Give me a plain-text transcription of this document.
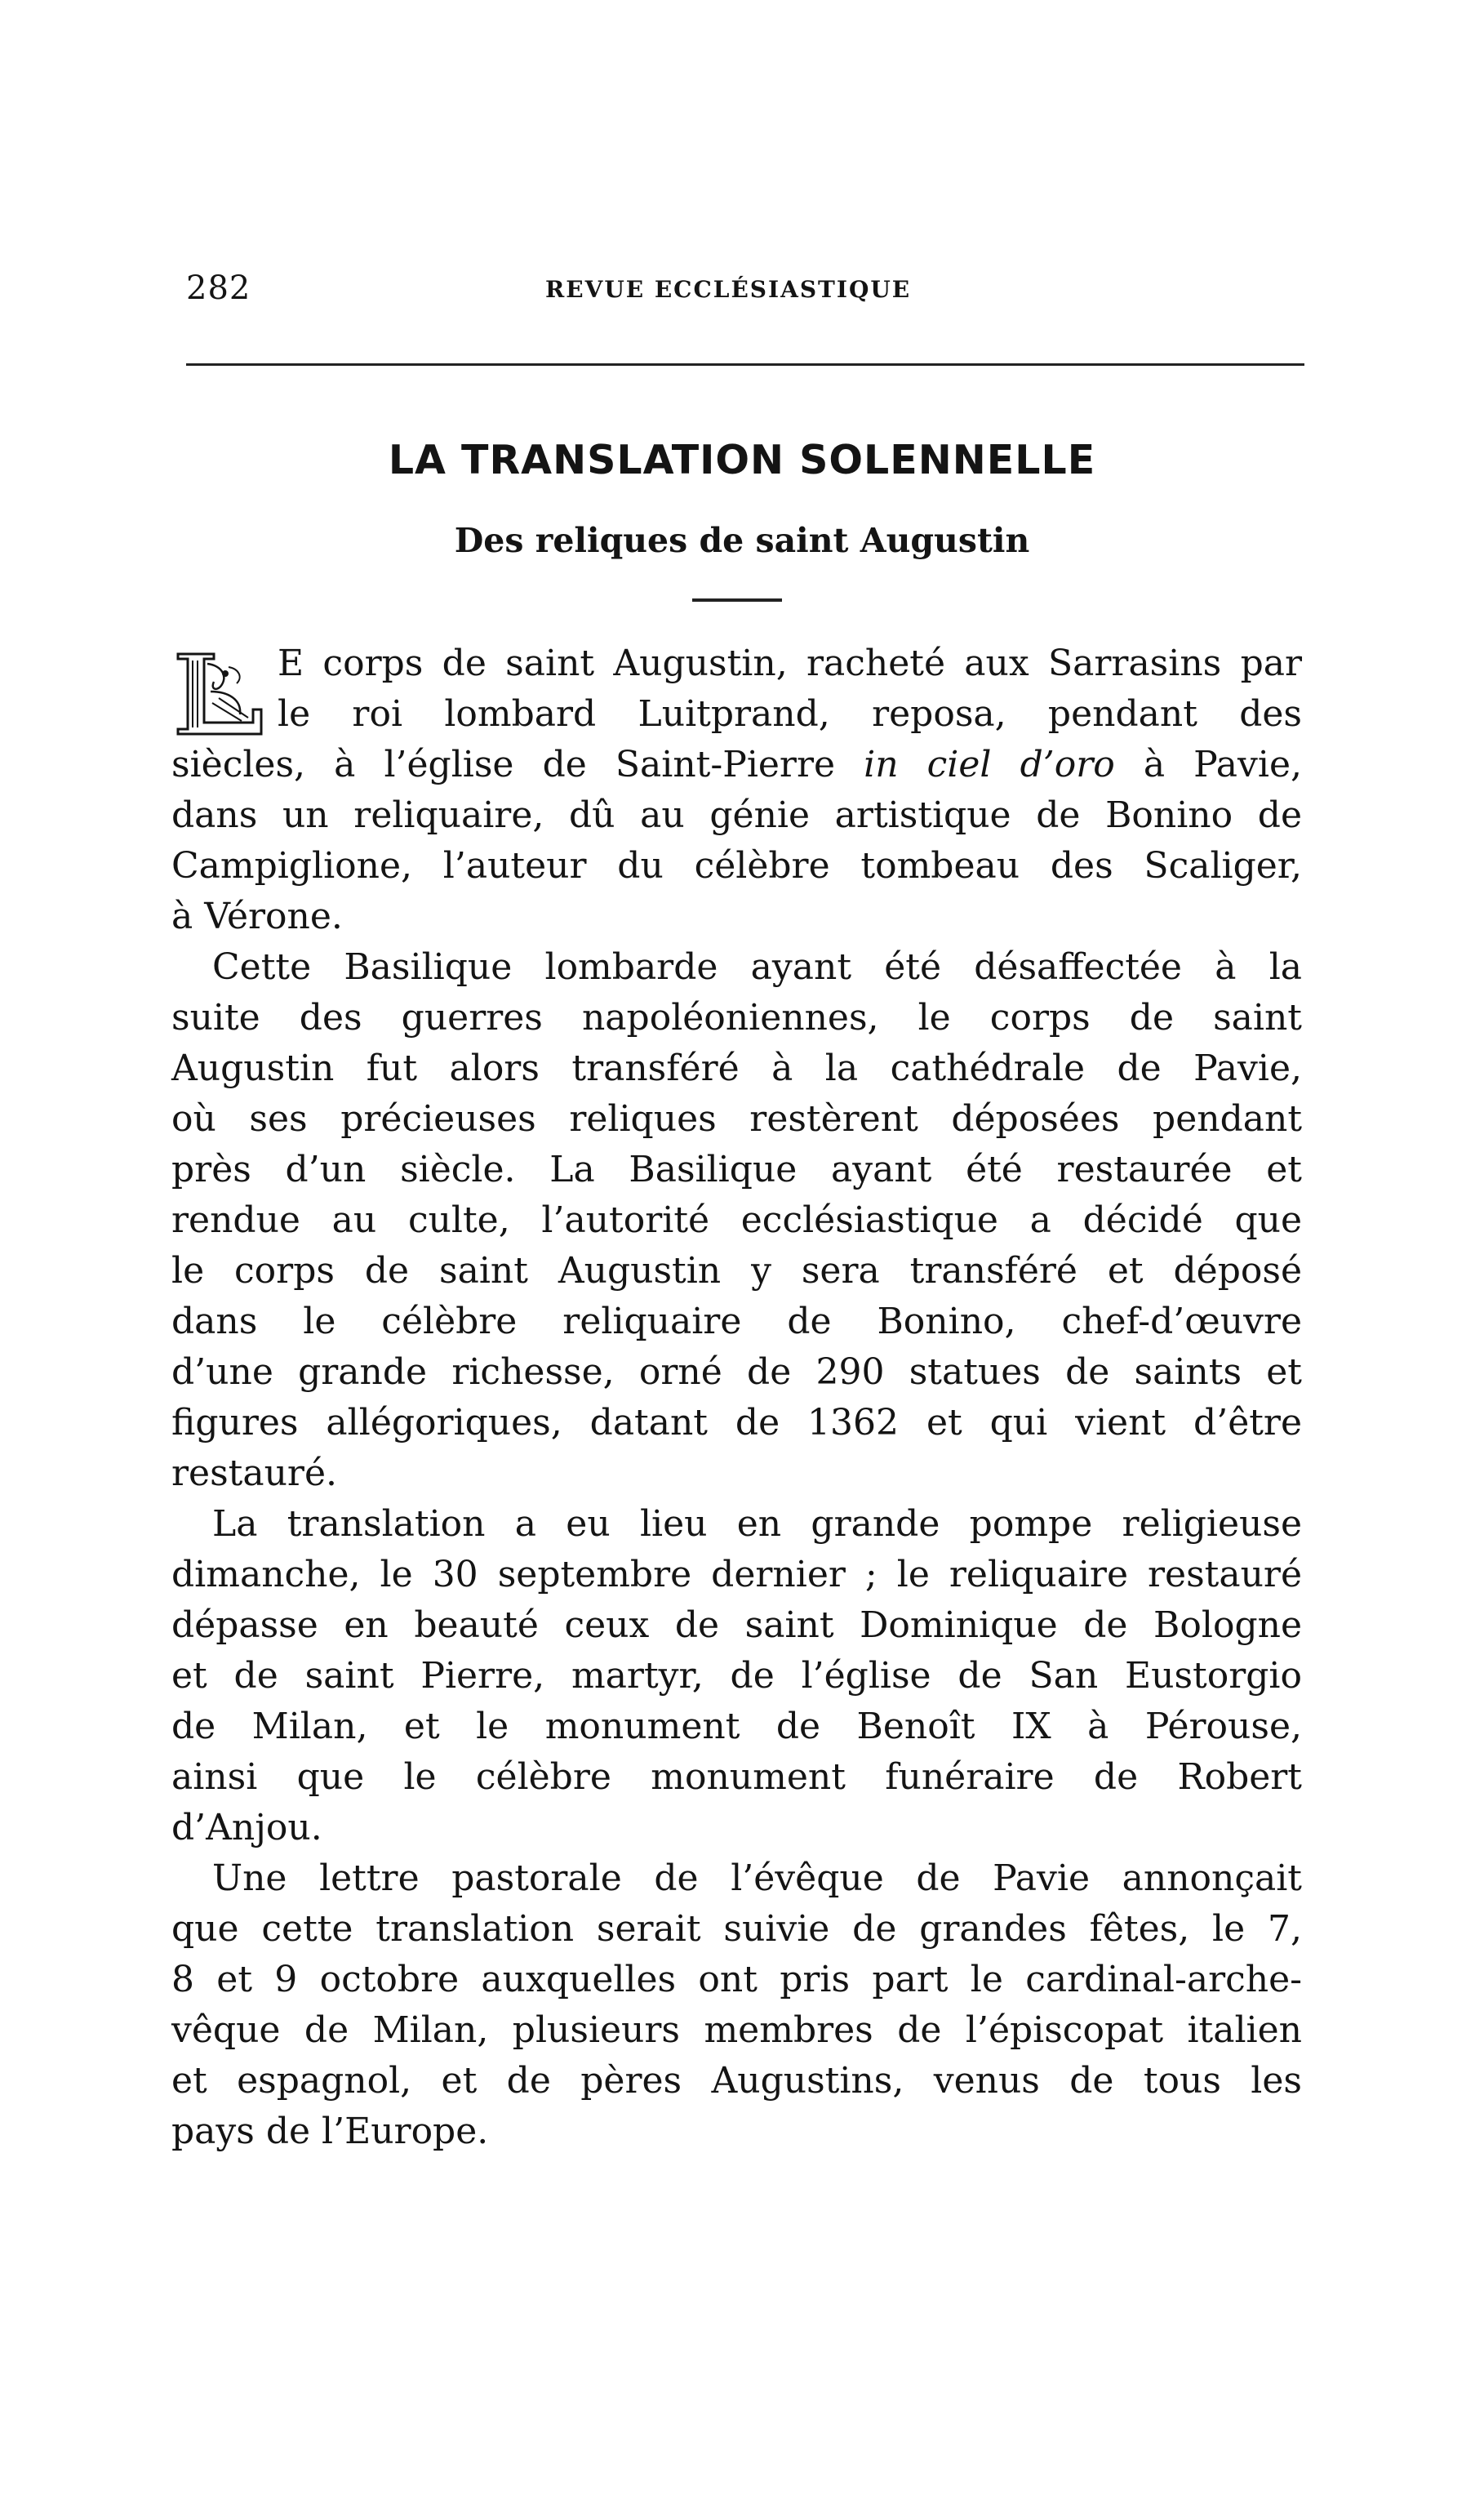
282	REVUE ECCLÉSIASTIQUE
LA TRANSLATION SOLENNELLE
Des reliques de saint Augustin
E corps de saint Augustin, racheté aux Sarrasins par
le roi lombard Luitprand, reposa, pendant des
siècles, à l’église de Saint-Pierre in ciel d’oro à Pavie,
dans un reliquaire, dû au génie artistique de Bonino de
Campiglione, l’auteur du célèbre tombeau des Scaliger,
à Vérone.
Cette Basilique lombarde ayant été désaffectée à la
suite des guerres napoléoniennes, le corps de saint
Augustin fut alors transféré à la cathédrale de Pavie,
où ses précieuses reliques restèrent déposées pendant
près d’un siècle. La Basilique ayant été restaurée et
rendue au culte, l’autorité ecclésiastique a décidé que
le corps de saint Augustin y sera transféré et déposé
dans le célèbre reliquaire de Bonino, chef-d’œuvre
d’une grande richesse, orné de 290 statues de saints et
figures allégoriques, datant de 1362 et qui vient d’être
restauré.
La translation a eu lieu en grande pompe religieuse
dimanche, le 30 septembre dernier ; le reliquaire restauré
dépasse en beauté ceux de saint Dominique de Bologne
et de saint Pierre, martyr, de l’église de San Eustorgio
de Milan, et le monument de Benoît IX à Pérouse,
ainsi que le célèbre monument funéraire de Robert
d’Anjou.
Une lettre pastorale de l’évêque de Pavie annonçait
que cette translation serait suivie de grandes fêtes, le 7,
8 et 9 octobre auxquelles ont pris part le cardinal-arche-
vêque de Milan, plusieurs membres de l’épiscopat italien
et espagnol, et de pères Augustins, venus de tous les
pays de l’Europe.
